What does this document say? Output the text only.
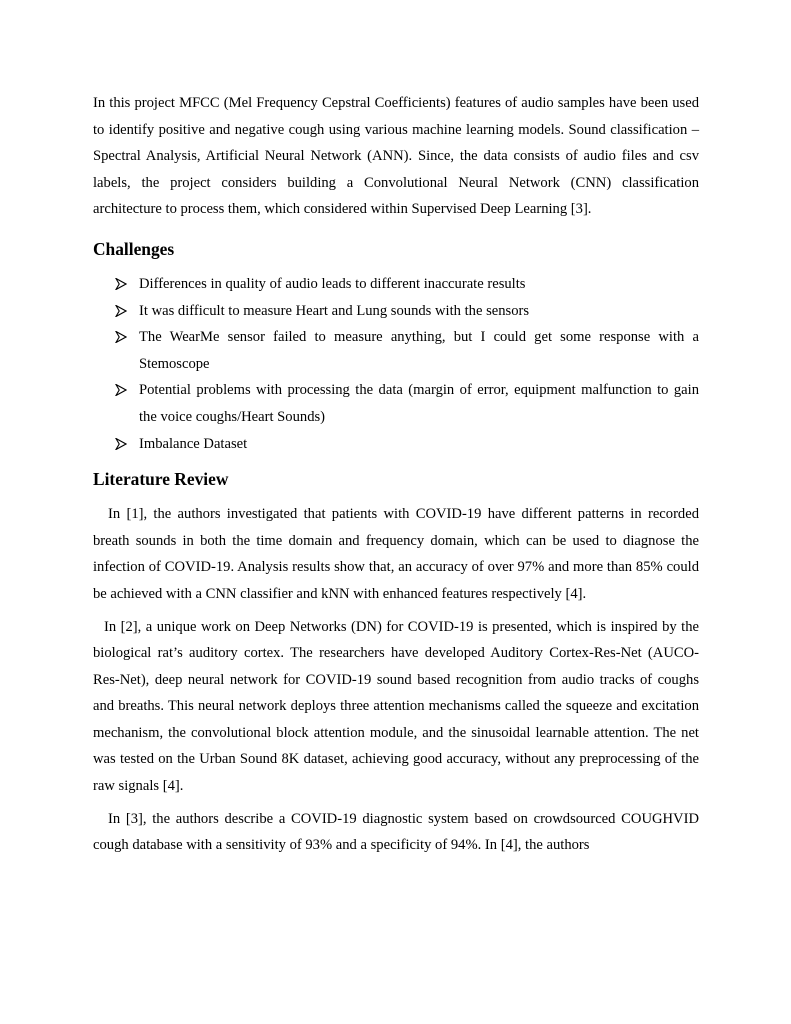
In this project MFCC (Mel Frequency Cepstral Coefficients) features of audio samples have been used to identify positive and negative cough using various machine learning models. Sound classification – Spectral Analysis, Artificial Neural Network (ANN). Since, the data consists of audio files and csv labels, the project considers building a Convolutional Neural Network (CNN) classification architecture to process them, which considered within Supervised Deep Learning [3].

Challenges
Differences in quality of audio leads to different inaccurate results
It was difficult to measure Heart and Lung sounds with the sensors
The WearMe sensor failed to measure anything, but I could get some response with a Stemoscope
Potential problems with processing the data (margin of error, equipment malfunction to gain the voice coughs/Heart Sounds)
Imbalance Dataset
Literature Review

In [1], the authors investigated that patients with COVID-19 have different patterns in recorded breath sounds in both the time domain and frequency domain, which can be used to diagnose the infection of COVID-19. Analysis results show that, an accuracy of over 97% and more than 85% could be achieved with a CNN classifier and kNN with enhanced features respectively [4].

In [2], a unique work on Deep Networks (DN) for COVID-19 is presented, which is inspired by the biological rat’s auditory cortex. The researchers have developed Auditory Cortex-Res-Net (AUCO-Res-Net), deep neural network for COVID-19 sound based recognition from audio tracks of coughs and breaths. This neural network deploys three attention mechanisms called the squeeze and excitation mechanism, the convolutional block attention module, and the sinusoidal learnable attention. The net was tested on the Urban Sound 8K dataset, achieving good accuracy, without any preprocessing of the raw signals [4].

In [3], the authors describe a COVID-19 diagnostic system based on crowdsourced COUGHVID cough database with a sensitivity of 93% and a specificity of 94%. In [4], the authors
